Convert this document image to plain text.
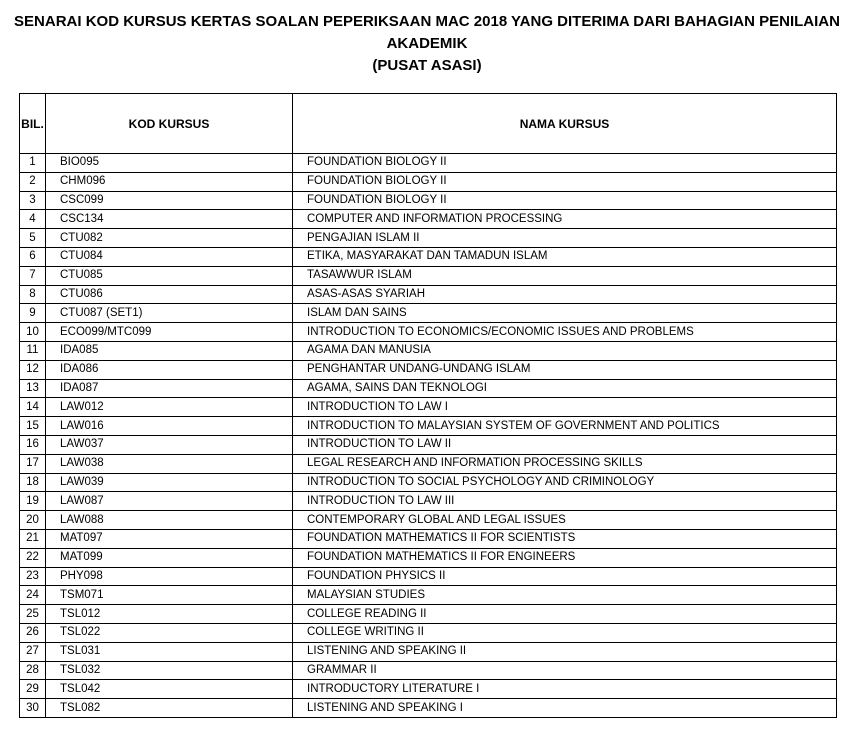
SENARAI KOD KURSUS KERTAS SOALAN PEPERIKSAAN MAC 2018 YANG DITERIMA DARI BAHAGIAN PENILAIAN
AKADEMIK
(PUSAT ASASI)
BIL.	KOD KURSUS	NAMA KURSUS
1	BIO095	FOUNDATION BIOLOGY II
2	CHM096	FOUNDATION BIOLOGY II
3	CSC099	FOUNDATION BIOLOGY II
4	CSC134	COMPUTER AND INFORMATION PROCESSING
5	CTU082	PENGAJIAN ISLAM II
6	CTU084	ETIKA, MASYARAKAT DAN TAMADUN ISLAM
7	CTU085	TASAWWUR ISLAM
8	CTU086	ASAS-ASAS SYARIAH
9	CTU087 (SET1)	ISLAM DAN SAINS
10	ECO099/MTC099	INTRODUCTION TO ECONOMICS/ECONOMIC ISSUES AND PROBLEMS
11	IDA085	AGAMA DAN MANUSIA
12	IDA086	PENGHANTAR UNDANG-UNDANG ISLAM
13	IDA087	AGAMA, SAINS DAN TEKNOLOGI
14	LAW012	INTRODUCTION TO LAW I
15	LAW016	INTRODUCTION TO MALAYSIAN SYSTEM OF GOVERNMENT AND POLITICS
16	LAW037	INTRODUCTION TO LAW II
17	LAW038	LEGAL RESEARCH AND INFORMATION PROCESSING SKILLS
18	LAW039	INTRODUCTION TO SOCIAL PSYCHOLOGY AND CRIMINOLOGY
19	LAW087	INTRODUCTION TO LAW III
20	LAW088	CONTEMPORARY GLOBAL AND LEGAL ISSUES
21	MAT097	FOUNDATION MATHEMATICS II FOR SCIENTISTS
22	MAT099	FOUNDATION MATHEMATICS II FOR ENGINEERS
23	PHY098	FOUNDATION PHYSICS II
24	TSM071	MALAYSIAN STUDIES
25	TSL012	COLLEGE READING II
26	TSL022	COLLEGE WRITING II
27	TSL031	LISTENING AND SPEAKING II
28	TSL032	GRAMMAR II
29	TSL042	INTRODUCTORY LITERATURE I
30	TSL082	LISTENING AND SPEAKING I
